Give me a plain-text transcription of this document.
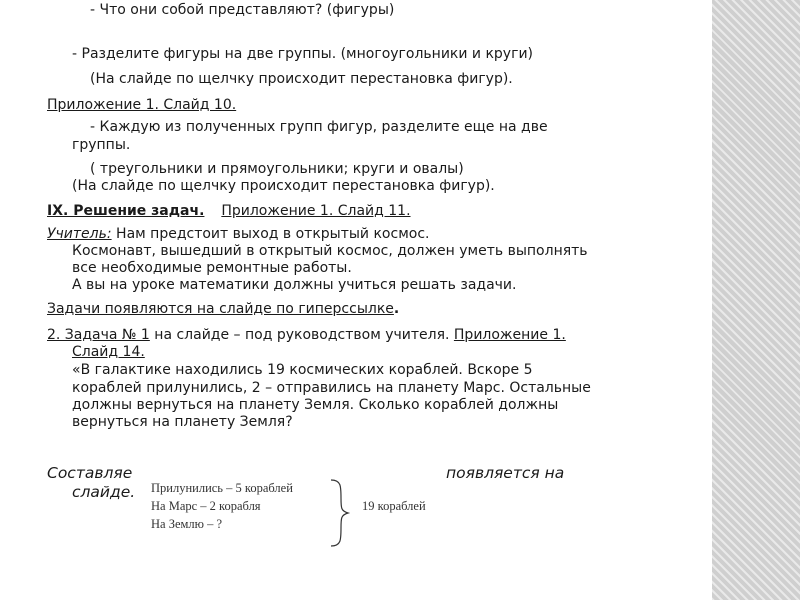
- Что они собой представляют? (фигуры)
- Разделите фигуры на две группы. (многоугольники и круги)
(На слайде по щелчку происходит перестановка фигур).
Приложение 1. Слайд 10.
- Каждую из полученных групп фигур, разделите еще на две
группы.
( треугольники и прямоугольники; круги и овалы)
(На слайде по щелчку происходит перестановка фигур).
IX. Решение задач. Приложение 1. Слайд 11.
Учитель: Нам предстоит выход в открытый космос.
Космонавт, вышедший в открытый космос, должен уметь выполнять
все необходимые ремонтные работы.
А вы на уроке математики должны учиться решать задачи.
Задачи появляются на слайде по гиперссылке.
2. Задача № 1 на слайде – под руководством учителя. Приложение 1.
Слайд 14.
«В галактике находились 19 космических кораблей. Вскоре 5
кораблей прилунились, 2 – отправились на планету Марс. Остальные
должны вернуться на планету Земля. Сколько кораблей должны
вернуться на планету Земля?
Составляе	появляется на
слайде. Прилунились – 5 кораблей
На Марс – 2 корабля
На Землю – ?
19 кораблей
